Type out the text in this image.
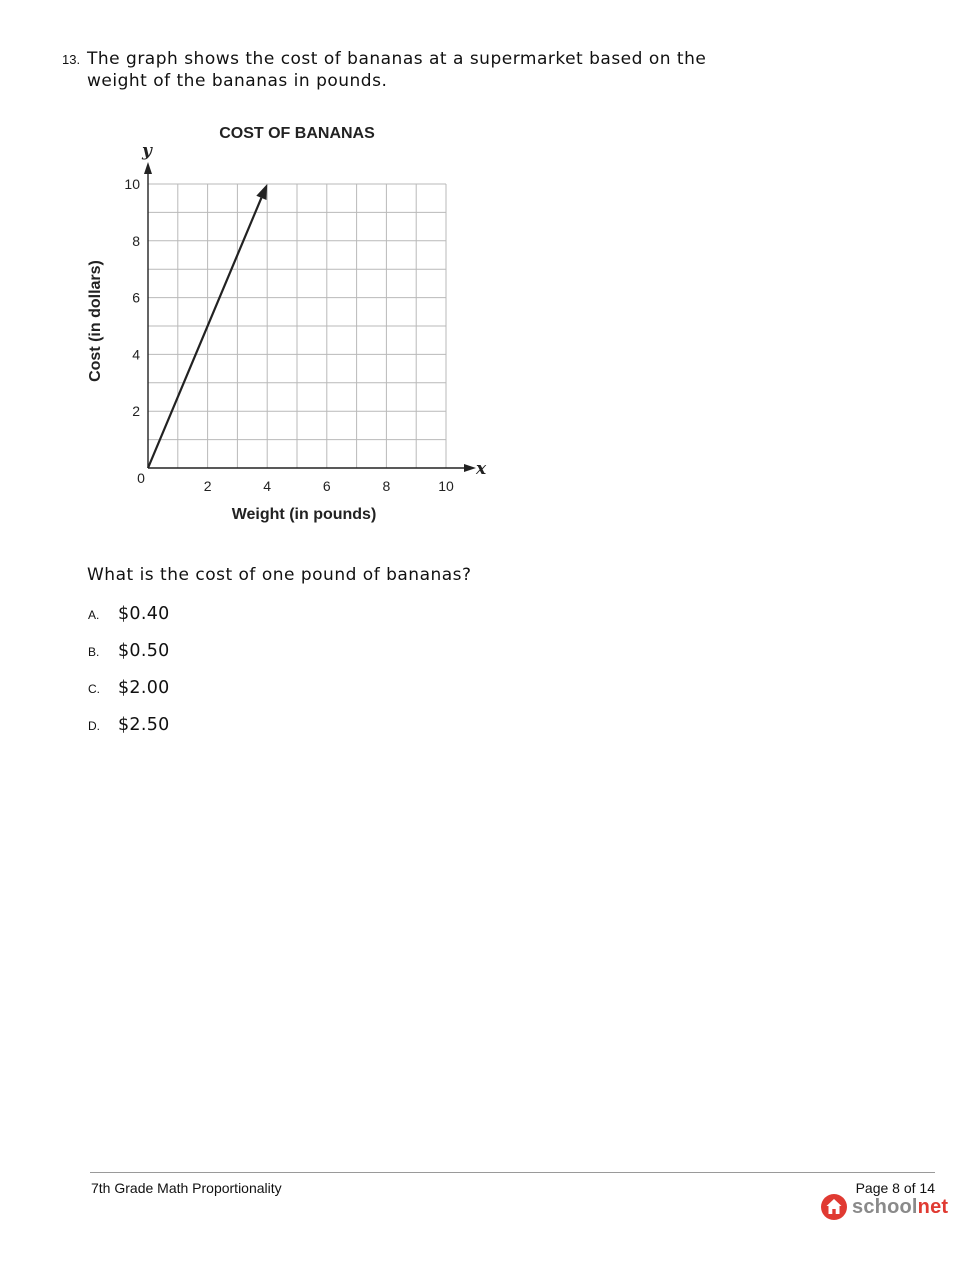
13. The graph shows the cost of bananas at a supermarket based on the
weight of the bananas in pounds.

2	4	6	8	10
2
4
6
8
10
COST OF BANANAS
Weight (in pounds)
Cost (in dollars)
x
y
0

What is the cost of one pound of bananas?

A.	$0.40
B.	$0.50
C.	$2.00
D.	$2.50
7th Grade Math Proportionality	Page 8 of 14
schoolnet
